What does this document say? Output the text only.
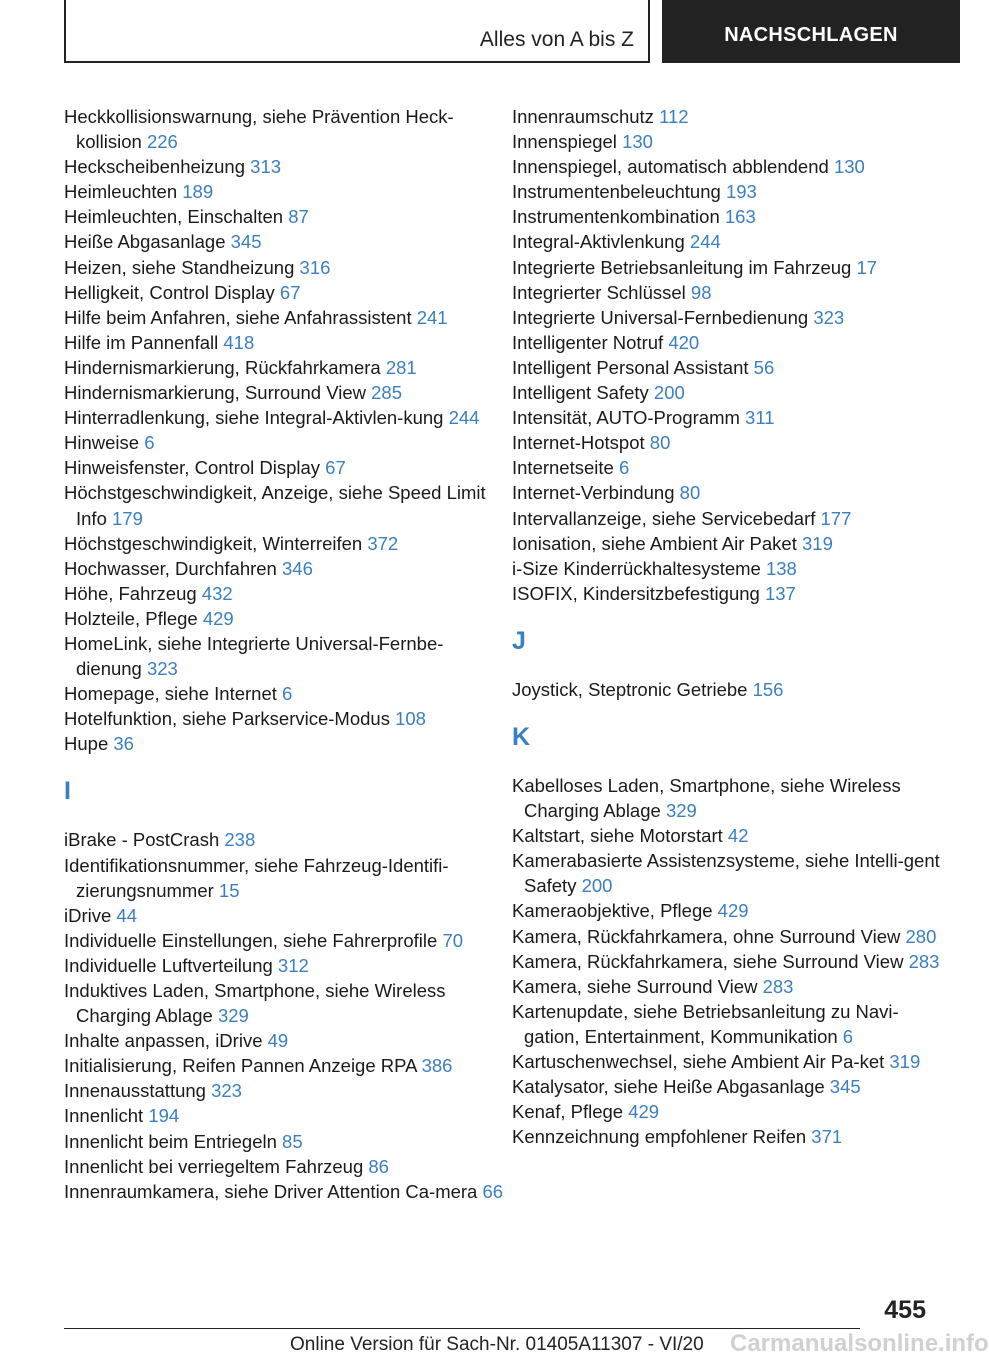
Alles von A bis Z	NACHSCHLAGEN
Heckkollisionswarnung, siehe Prävention Heck‐kollision 226
Heckscheibenheizung 313
Heimleuchten 189
Heimleuchten, Einschalten 87
Heiße Abgasanlage 345
Heizen, siehe Standheizung 316
Helligkeit, Control Display 67
Hilfe beim Anfahren, siehe Anfahrassistent 241
Hilfe im Pannenfall 418
Hindernismarkierung, Rückfahrkamera 281
Hindernismarkierung, Surround View 285
Hinterradlenkung, siehe Integral-Aktivlen‐kung 244
Hinweise 6
Hinweisfenster, Control Display 67
Höchstgeschwindigkeit, Anzeige, siehe Speed Limit Info 179
Höchstgeschwindigkeit, Winterreifen 372
Hochwasser, Durchfahren 346
Höhe, Fahrzeug 432
Holzteile, Pflege 429
HomeLink, siehe Integrierte Universal-Fernbe‐dienung 323
Homepage, siehe Internet 6
Hotelfunktion, siehe Parkservice-Modus 108
Hupe 36
I
iBrake - PostCrash 238
Identifikationsnummer, siehe Fahrzeug-Identifi‐zierungsnummer 15
iDrive 44
Individuelle Einstellungen, siehe Fahrerprofile 70
Individuelle Luftverteilung 312
Induktives Laden, Smartphone, siehe Wireless Charging Ablage 329
Inhalte anpassen, iDrive 49
Initialisierung, Reifen Pannen Anzeige RPA 386
Innenausstattung 323
Innenlicht 194
Innenlicht beim Entriegeln 85
Innenlicht bei verriegeltem Fahrzeug 86
Innenraumkamera, siehe Driver Attention Ca‐mera 66
Innenraumschutz 112
Innenspiegel 130
Innenspiegel, automatisch abblendend 130
Instrumentenbeleuchtung 193
Instrumentenkombination 163
Integral-Aktivlenkung 244
Integrierte Betriebsanleitung im Fahrzeug 17
Integrierter Schlüssel 98
Integrierte Universal-Fernbedienung 323
Intelligenter Notruf 420
Intelligent Personal Assistant 56
Intelligent Safety 200
Intensität, AUTO-Programm 311
Internet-Hotspot 80
Internetseite 6
Internet-Verbindung 80
Intervallanzeige, siehe Servicebedarf 177
Ionisation, siehe Ambient Air Paket 319
i-Size Kinderrückhaltesysteme 138
ISOFIX, Kindersitzbefestigung 137
J
Joystick, Steptronic Getriebe 156
K
Kabelloses Laden, Smartphone, siehe Wireless Charging Ablage 329
Kaltstart, siehe Motorstart 42
Kamerabasierte Assistenzsysteme, siehe Intelli‐gent Safety 200
Kameraobjektive, Pflege 429
Kamera, Rückfahrkamera, ohne Surround View 280
Kamera, Rückfahrkamera, siehe Surround View 283
Kamera, siehe Surround View 283
Kartenupdate, siehe Betriebsanleitung zu Navi‐gation, Entertainment, Kommunikation 6
Kartuschenwechsel, siehe Ambient Air Pa‐ket 319
Katalysator, siehe Heiße Abgasanlage 345
Kenaf, Pflege 429
Kennzeichnung empfohlener Reifen 371
455
Online Version für Sach-Nr. 01405A11307 - VI/20 Carmanualsonline.info
